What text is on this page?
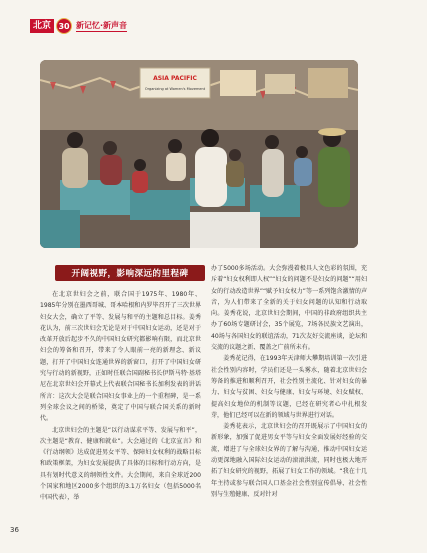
北京 30 新记忆·新声音
ASIA PACIFIC
Organizing at Women's Movement
开阔视野，影响深远的里程碑

在北京世妇会之前，联合国于1975年、1980年、1985年分别在墨西哥城、哥本哈根和内罗毕召开了三次世界妇女大会，确立了平等、发展与和平的主题和总目标。姜秀花认为，前三次世妇会无论是对于中国妇女运动，还是对于改革开放后起步不久的中国妇女研究都影响有限，而北京世妇会的筹备和召开，带来了令人眼前一亮的新理念、新议题，打开了中国妇女连通世界的新窗口，打开了中国妇女研究与行动的新视野，正如时任联合国副秘书长伊斯马特·基塔尼在北京世妇会开幕式上代表联合国秘书长加利发表的讲话所言：这次大会是联合国妇女事业上的一个重程碑，是一系列全球会议之间的桥梁，奠定了中国与联合国关系的新时代。

北京世妇会的主题是“以行动谋求平等、发展与和平”，次主题是“教育、健康和就业”。大会通过的《北京宣言》和《行动纲领》达成促进男女平等、保障妇女权利的战略目标和政策框架，为妇女发展提供了具体的目标和行动方向，是具有划时代意义的纲领性文件。大会期间，来自全球近200个国家和地区2000多个组织的3.1万名妇女（包括5000名中国代表），举

办了5000多场活动。大会弥漫着极具人文色彩的氛围，充斥着“妇女权利即人权”“妇女的问题不是妇女的问题”“用妇女的行动改造世界”“赋予妇女权力”等一系列饱含激情的声音，为人们带来了全新的关于妇女问题的认知和行动取向。姜秀花说，北京世妇会期间，中国的非政府组织共主办了60场专题研讨会，35个展览，7场各民族文艺演出，40场与各国妇女的联谊活动，71次友好交流座谈，论坛和交流的议题之新、覆盖之广前所未有。

姜秀花记得，在1993年天津师大攀期培训第一次引进社会性别内容时，学员们还是一头雾水，随着北京世妇会筹备的推进和顺利召开，社会性别主流化、针对妇女的暴力、妇女与贫困、妇女与健康、妇女与环境、妇女赋权、提高妇女地位的机制等议题，已经在研究者心中扎根发芽，他们已经可以在新的领域与世界进行对话。

姜秀花表示，北京世妇会的召开既展示了中国妇女的新形象，加强了促进男女平等与妇女全面发展好经验的交流，增进了与全球妇女界的了解与沟通，推动中国妇女运动更深地融入国际妇女运动的滚滚洪流，同时也极大地开拓了妇女研究的视野，拓展了妇女工作的领域。“我在十几年主持或参与联合国人口基金社会性别宣传倡导、社会性别与生殖健康、反对针对

36
